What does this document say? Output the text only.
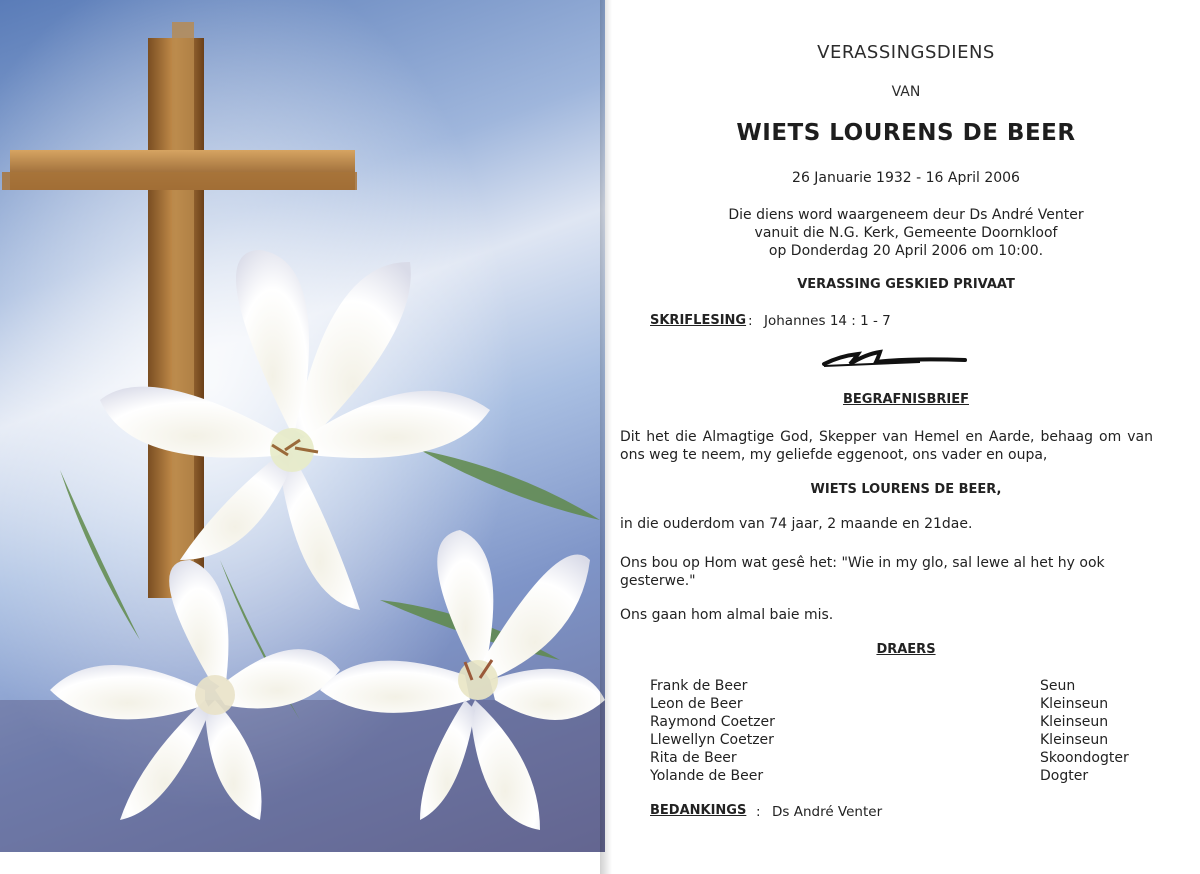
VERASSINGSDIENS
VAN
WIETS LOURENS DE BEER
26 Januarie 1932 - 16 April 2006
Die diens word waargeneem deur Ds André Venter
vanuit die N.G. Kerk, Gemeente Doornkloof
op Donderdag 20 April 2006 om 10:00.
VERASSING GESKIED PRIVAAT
SKRIFLESING : Johannes 14 : 1 - 7
BEGRAFNISBRIEF
Dit het die Almagtige God, Skepper van Hemel en Aarde, behaag om van ons weg te neem, my geliefde eggenoot, ons vader en oupa,
WIETS LOURENS DE BEER,
in die ouderdom van 74 jaar, 2 maande en 21dae.
Ons bou op Hom wat gesê het: "Wie in my glo, sal lewe al het hy ook gesterwe."
Ons gaan hom almal baie mis.
DRAERS
Frank de Beer	Seun
Leon de Beer	Kleinseun
Raymond Coetzer	Kleinseun
Llewellyn Coetzer	Kleinseun
Rita de Beer	Skoondogter
Yolande de Beer	Dogter
BEDANKINGS : Ds André Venter
